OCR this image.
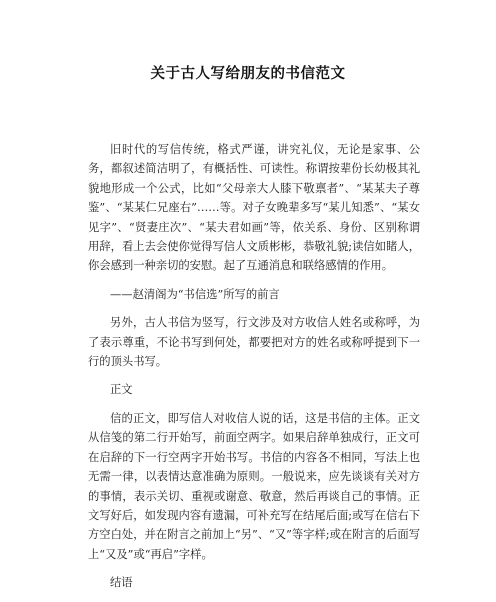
关于古人写给朋友的书信范文

旧时代的写信传统，格式严谨，讲究礼仪，无论是家事、公务，都叙述简洁明了，有概括性、可读性。称谓按辈份长幼极其礼貌地形成一个公式，比如“父母亲大人膝下敬禀者”、“某某夫子尊鉴”、“某某仁兄座右”……等。对子女晚辈多写“某儿知悉”、“某女见字”、“贤妻庄次”、“某夫君如画”等，依关系、身份、区别称谓用辞，看上去会使你觉得写信人文质彬彬，恭敬礼貌;读信如睹人，你会感到一种亲切的安慰。起了互通消息和联络感情的作用。

——赵清阁为“书信选”所写的前言

另外，古人书信为竖写，行文涉及对方收信人姓名或称呼，为了表示尊重，不论书写到何处，都要把对方的姓名或称呼提到下一行的顶头书写。

正文

信的正文，即写信人对收信人说的话，这是书信的主体。正文从信笺的第二行开始写，前面空两字。如果启辞单独成行，正文可在启辞的下一行空两字开始书写。书信的内容各不相同，写法上也无需一律，以表情达意准确为原则。一般说来，应先谈谈有关对方的事情，表示关切、重视或谢意、敬意，然后再谈自己的事情。正文写好后，如发现内容有遗漏，可补充写在结尾后面;或写在信右下方空白处，并在附言之前加上“另”、“又”等字样;或在附言的后面写上“又及”或“再启”字样。

结语
